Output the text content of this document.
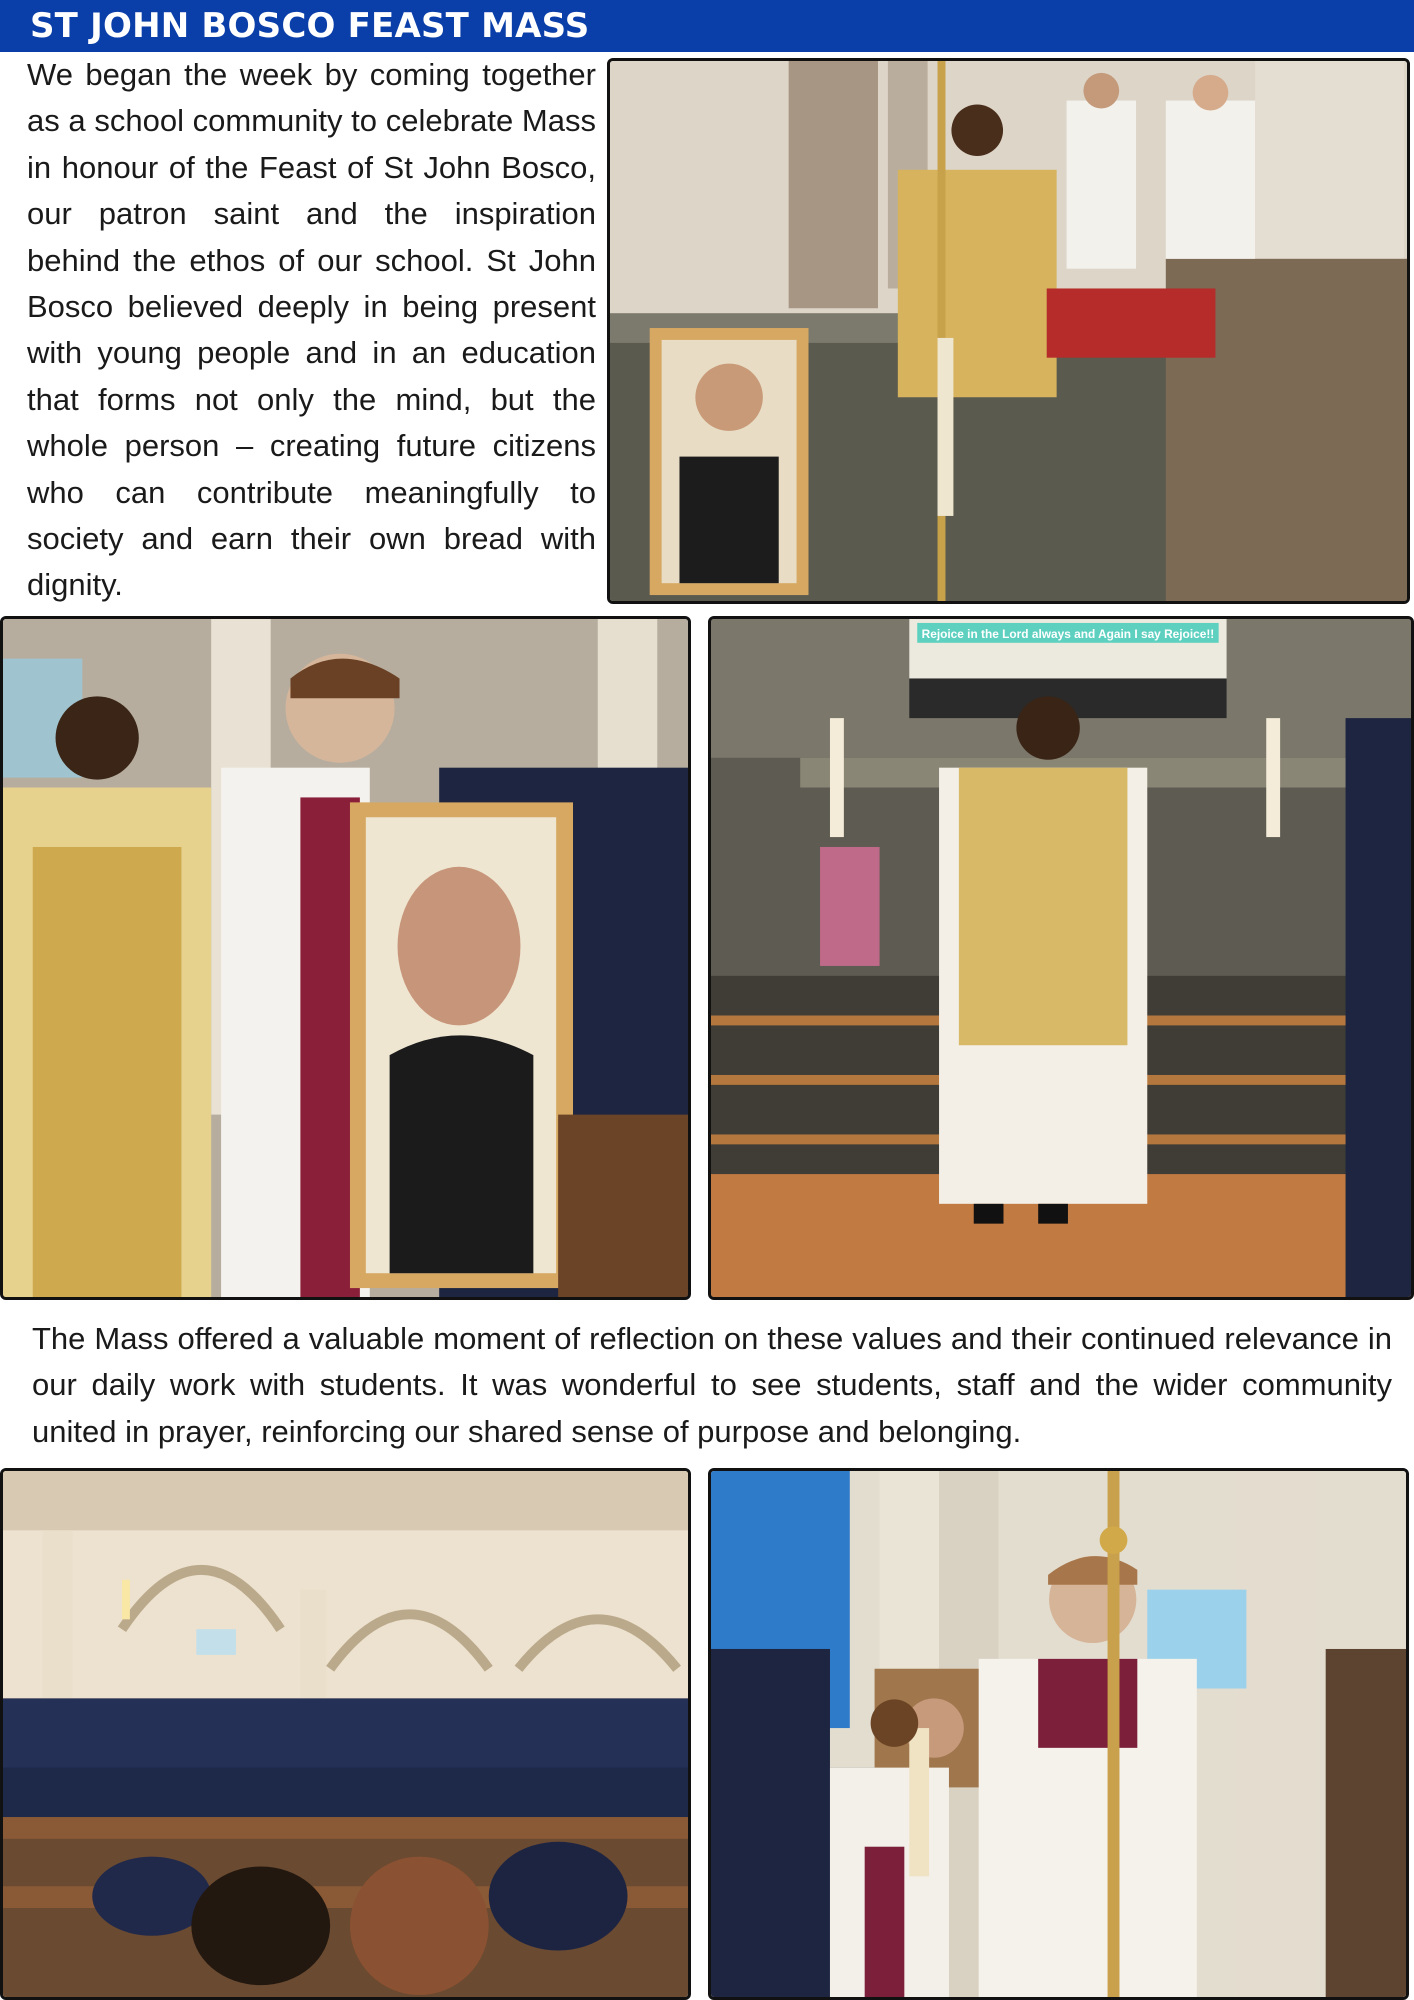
ST JOHN BOSCO FEAST MASS

We began the week by coming together as a school community to celebrate Mass in honour of the Feast of St John Bosco, our patron saint and the inspiration behind the ethos of our school. St John Bosco believed deeply in being present with young people and in an education that forms not only the mind, but the whole person – creating future citizens who can contribute meaningfully to society and earn their own bread with dignity.

Rejoice in the Lord always and Again I say Rejoice!!

The Mass offered a valuable moment of reflection on these values and their continued relevance in our daily work with students. It was wonderful to see students, staff and the wider community united in prayer, reinforcing our shared sense of purpose and belonging.
